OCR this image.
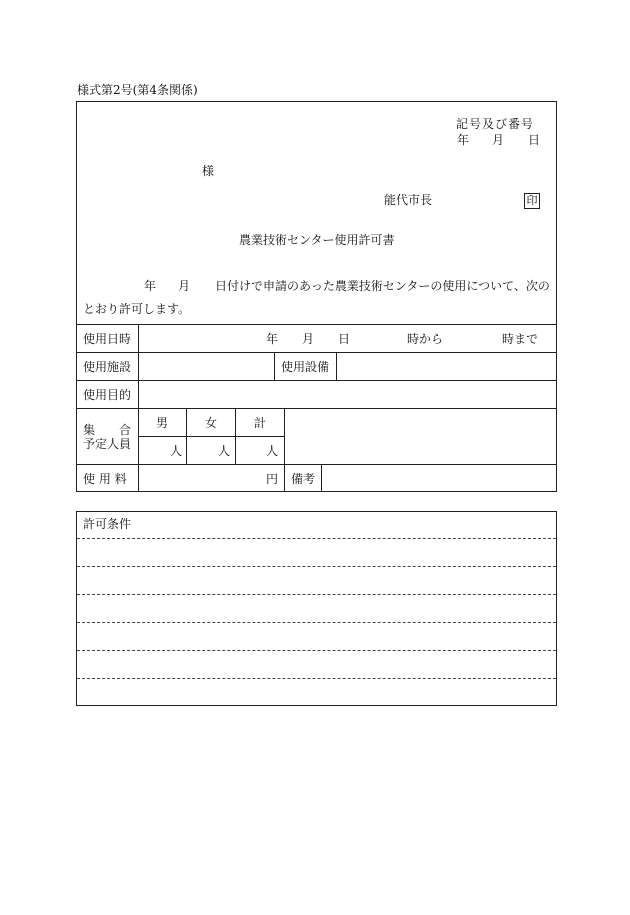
様式第2号(第4条関係)
記号及び番号
年 月 日
様
能代市長	印
農業技術センター使用許可書
年 月 日付けで申請のあった農業技術センターの使用について、次の
とおり許可します。
使用日時	年 月 日	時から	時まで
使用施設	使用設備
使用目的
集　　合
予定人員
男	女	計
人	人	人
使 用 料	円 備考
許可条件
